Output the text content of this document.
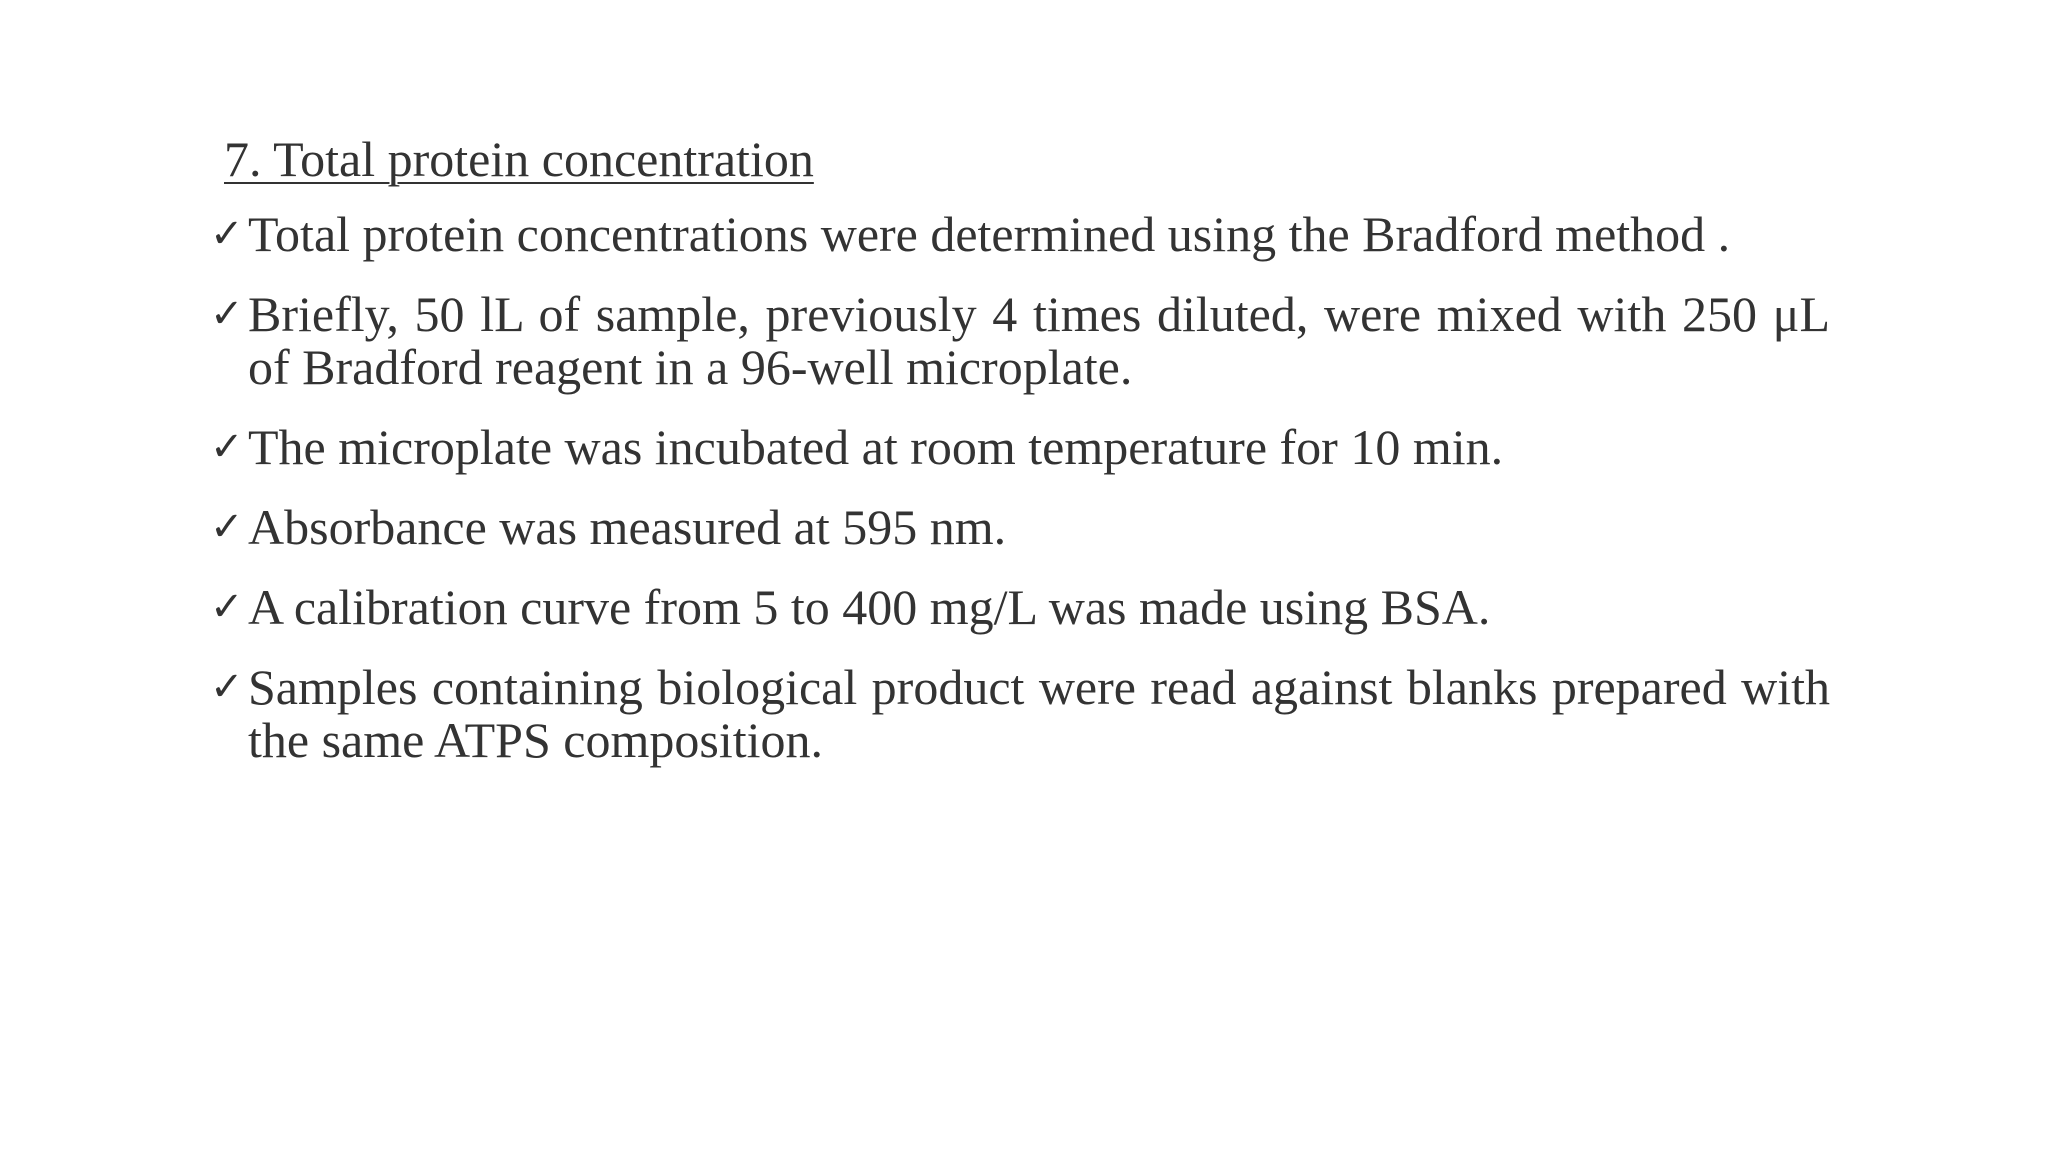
7. Total protein concentration
✓ Total protein concentrations were determined using the Bradford method .
✓ Briefly, 50 lL of sample, previously 4 times diluted, were mixed with 250 μL of Bradford reagent in a 96-well microplate.
✓ The microplate was incubated at room temperature for 10 min.
✓ Absorbance was measured at 595 nm.
✓ A calibration curve from 5 to 400 mg/L was made using BSA.
✓ Samples containing biological product were read against blanks prepared with the same ATPS composition.
